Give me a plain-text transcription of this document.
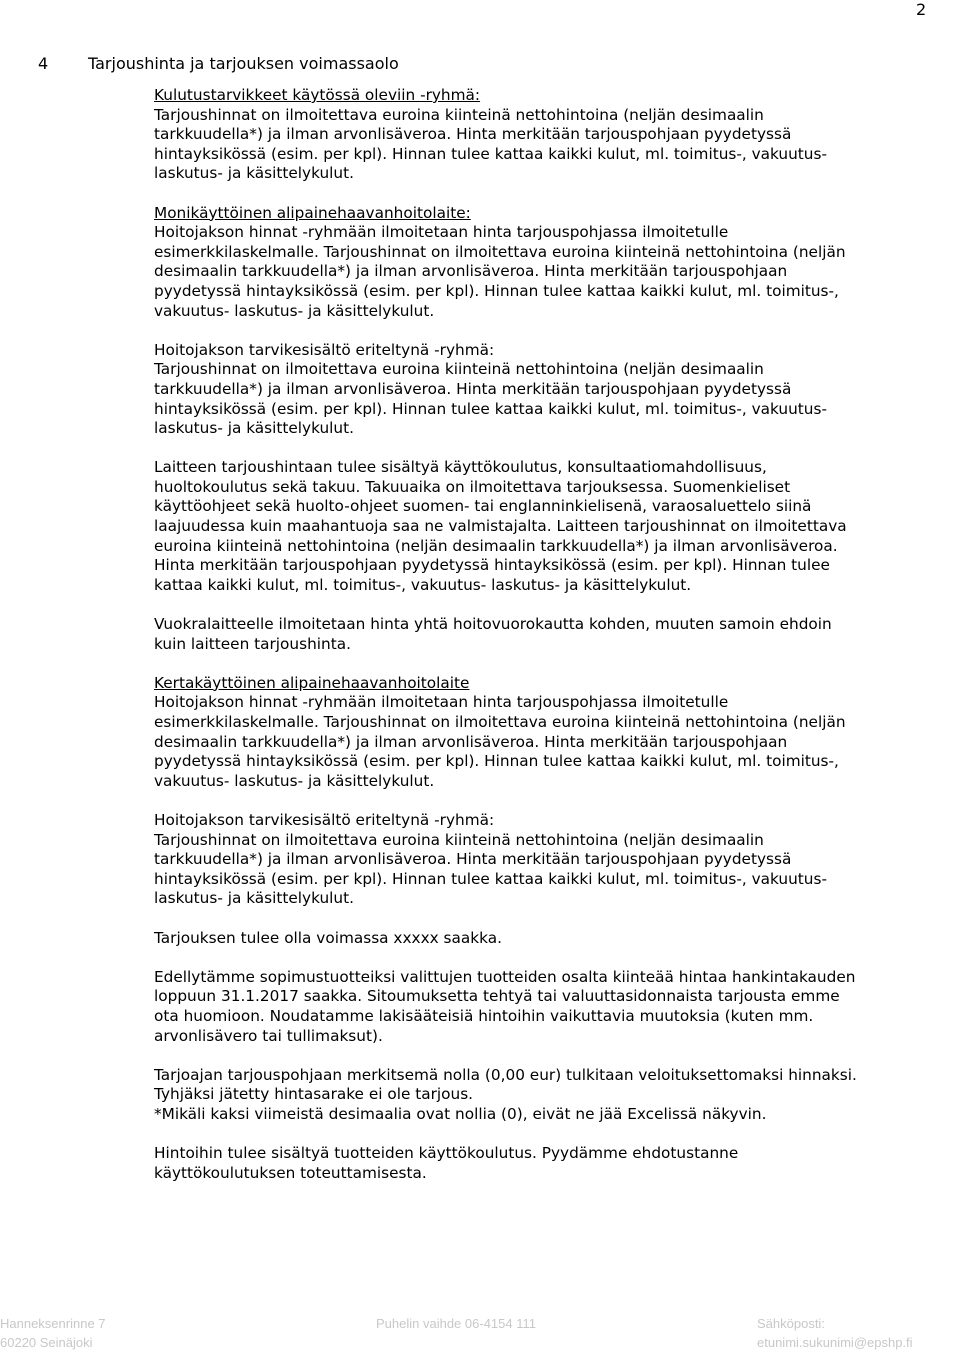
2
4 Tarjoushinta ja tarjouksen voimassaolo
Kulutustarvikkeet käytössä oleviin -ryhmä:
Tarjoushinnat on ilmoitettava euroina kiinteinä nettohintoina (neljän desimaalin
tarkkuudella*) ja ilman arvonlisäveroa. Hinta merkitään tarjouspohjaan pyydetyssä
hintayksikössä (esim. per kpl). Hinnan tulee kattaa kaikki kulut, ml. toimitus-, vakuutus-
laskutus- ja käsittelykulut.
Monikäyttöinen alipainehaavanhoitolaite:
Hoitojakson hinnat -ryhmään ilmoitetaan hinta tarjouspohjassa ilmoitetulle
esimerkkilaskelmalle. Tarjoushinnat on ilmoitettava euroina kiinteinä nettohintoina (neljän
desimaalin tarkkuudella*) ja ilman arvonlisäveroa. Hinta merkitään tarjouspohjaan
pyydetyssä hintayksikössä (esim. per kpl). Hinnan tulee kattaa kaikki kulut, ml. toimitus-,
vakuutus- laskutus- ja käsittelykulut.
Hoitojakson tarvikesisältö eriteltynä -ryhmä:
Tarjoushinnat on ilmoitettava euroina kiinteinä nettohintoina (neljän desimaalin
tarkkuudella*) ja ilman arvonlisäveroa. Hinta merkitään tarjouspohjaan pyydetyssä
hintayksikössä (esim. per kpl). Hinnan tulee kattaa kaikki kulut, ml. toimitus-, vakuutus-
laskutus- ja käsittelykulut.
Laitteen tarjoushintaan tulee sisältyä käyttökoulutus, konsultaatiomahdollisuus,
huoltokoulutus sekä takuu. Takuuaika on ilmoitettava tarjouksessa. Suomenkieliset
käyttöohjeet sekä huolto-ohjeet suomen- tai englanninkielisenä, varaosaluettelo siinä
laajuudessa kuin maahantuoja saa ne valmistajalta. Laitteen tarjoushinnat on ilmoitettava
euroina kiinteinä nettohintoina (neljän desimaalin tarkkuudella*) ja ilman arvonlisäveroa.
Hinta merkitään tarjouspohjaan pyydetyssä hintayksikössä (esim. per kpl). Hinnan tulee
kattaa kaikki kulut, ml. toimitus-, vakuutus- laskutus- ja käsittelykulut.
Vuokralaitteelle ilmoitetaan hinta yhtä hoitovuorokautta kohden, muuten samoin ehdoin
kuin laitteen tarjoushinta.
Kertakäyttöinen alipainehaavanhoitolaite
Hoitojakson hinnat -ryhmään ilmoitetaan hinta tarjouspohjassa ilmoitetulle
esimerkkilaskelmalle. Tarjoushinnat on ilmoitettava euroina kiinteinä nettohintoina (neljän
desimaalin tarkkuudella*) ja ilman arvonlisäveroa. Hinta merkitään tarjouspohjaan
pyydetyssä hintayksikössä (esim. per kpl). Hinnan tulee kattaa kaikki kulut, ml. toimitus-,
vakuutus- laskutus- ja käsittelykulut.
Hoitojakson tarvikesisältö eriteltynä -ryhmä:
Tarjoushinnat on ilmoitettava euroina kiinteinä nettohintoina (neljän desimaalin
tarkkuudella*) ja ilman arvonlisäveroa. Hinta merkitään tarjouspohjaan pyydetyssä
hintayksikössä (esim. per kpl). Hinnan tulee kattaa kaikki kulut, ml. toimitus-, vakuutus-
laskutus- ja käsittelykulut.
Tarjouksen tulee olla voimassa xxxxx saakka.
Edellytämme sopimustuotteiksi valittujen tuotteiden osalta kiinteää hintaa hankintakauden
loppuun 31.1.2017 saakka. Sitoumuksetta tehtyä tai valuuttasidonnaista tarjousta emme
ota huomioon. Noudatamme lakisääteisiä hintoihin vaikuttavia muutoksia (kuten mm.
arvonlisävero tai tullimaksut).
Tarjoajan tarjouspohjaan merkitsemä nolla (0,00 eur) tulkitaan veloituksettomaksi hinnaksi.
Tyhjäksi jätetty hintasarake ei ole tarjous.
*Mikäli kaksi viimeistä desimaalia ovat nollia (0), eivät ne jää Excelissä näkyvin.
Hintoihin tulee sisältyä tuotteiden käyttökoulutus. Pyydämme ehdotustanne
käyttökoulutuksen toteuttamisesta.
Hanneksenrinne 7
60220 Seinäjoki
Puhelin vaihde 06-4154 111	Sähköposti:
etunimi.sukunimi@epshp.fi
